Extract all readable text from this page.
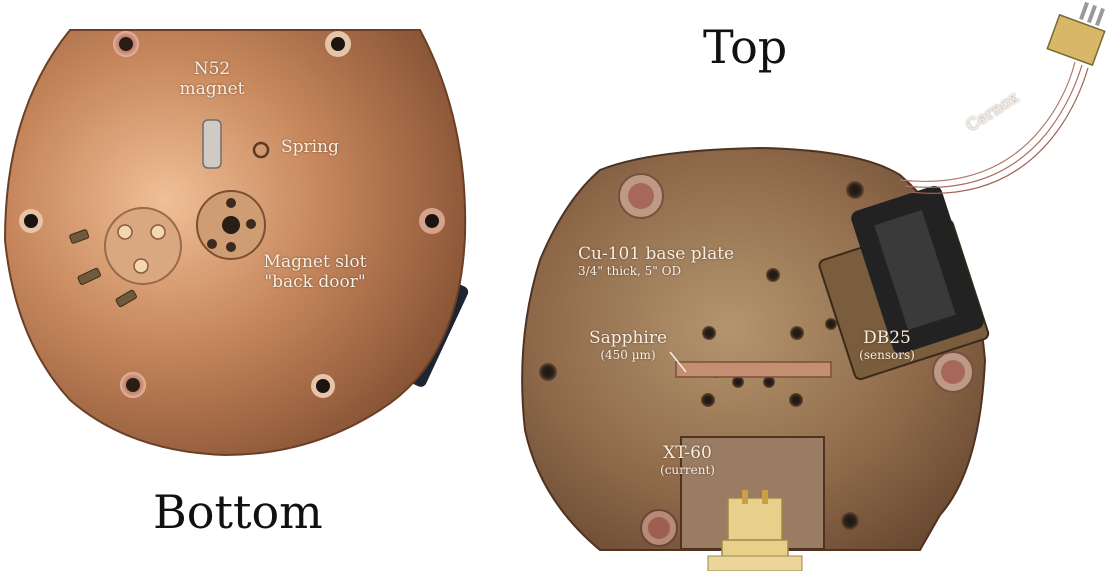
Top
Bottom
N52
magnet
Spring
Magnet slot
"back door"
Cernox
Cu-101 base plate
3/4" thick, 5" OD
Sapphire
(450 µm)
DB25
(sensors)
XT-60
(current)
